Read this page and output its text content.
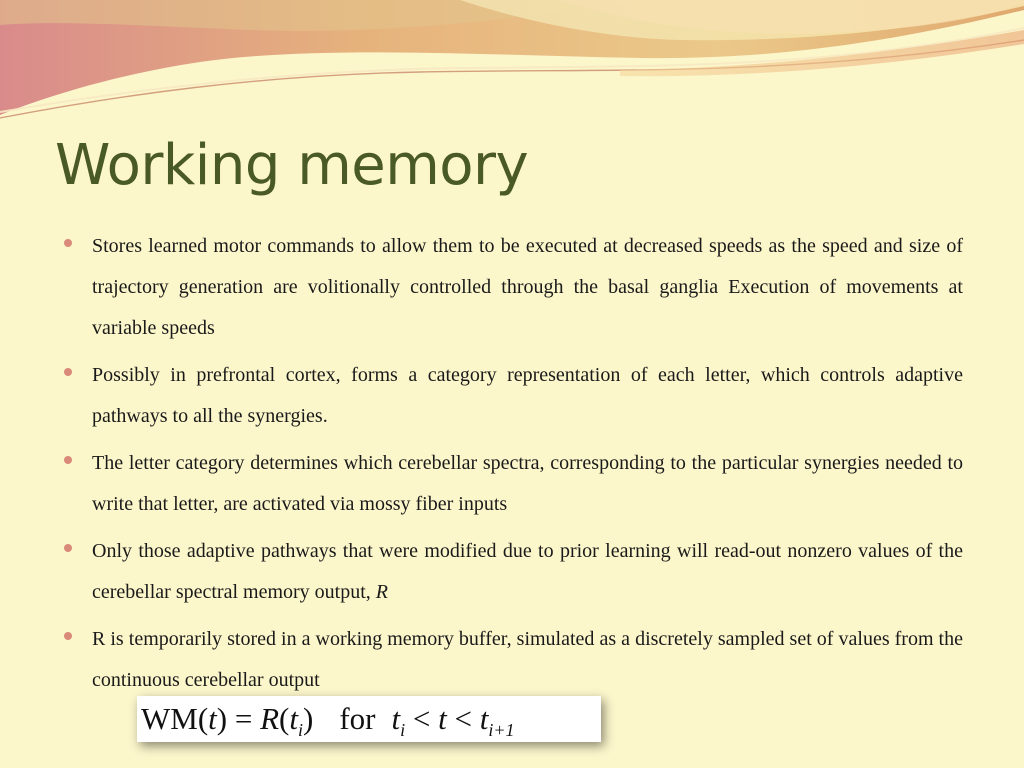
Working memory
Stores learned motor commands to allow them to be executed at decreased speeds as the speed and size of trajectory generation are volitionally controlled through the basal ganglia Execution of movements at variable speeds
Possibly in prefrontal cortex, forms a category representation of each letter, which controls adaptive pathways to all the synergies.
The letter category determines which cerebellar spectra, corresponding to the particular synergies needed to write that letter, are activated via mossy fiber inputs
Only those adaptive pathways that were modified due to prior learning will read-out nonzero values of the cerebellar spectral memory output, R
R is temporarily stored in a working memory buffer, simulated as a discretely sampled set of values from the continuous cerebellar output
$WM(t) = R(t_i)$ for $t_i < t < t_{i+1}$
